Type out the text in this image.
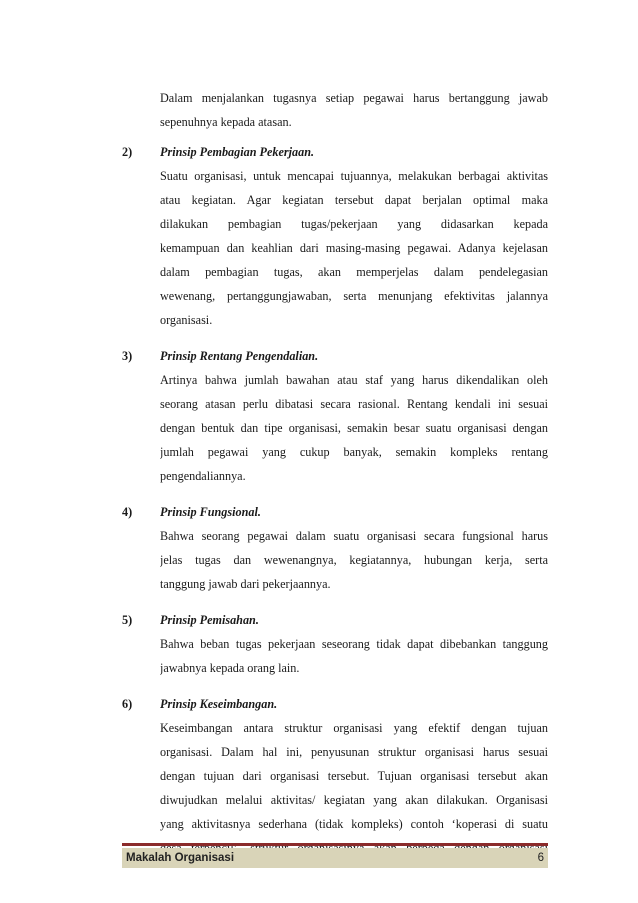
Dalam menjalankan tugasnya setiap pegawai harus bertanggung jawab
sepenuhnya kepada atasan.
2)	Prinsip Pembagian Pekerjaan.
Suatu organisasi, untuk mencapai tujuannya, melakukan berbagai aktivitas
atau kegiatan. Agar kegiatan tersebut dapat berjalan optimal maka
dilakukan pembagian tugas/pekerjaan yang didasarkan kepada
kemampuan dan keahlian dari masing-masing pegawai. Adanya kejelasan
dalam pembagian tugas, akan memperjelas dalam pendelegasian
wewenang, pertanggungjawaban, serta menunjang efektivitas jalannya
organisasi.
3)	Prinsip Rentang Pengendalian.
Artinya bahwa jumlah bawahan atau staf yang harus dikendalikan oleh
seorang atasan perlu dibatasi secara rasional. Rentang kendali ini sesuai
dengan bentuk dan tipe organisasi, semakin besar suatu organisasi dengan
jumlah pegawai yang cukup banyak, semakin kompleks rentang
pengendaliannya.
4)	Prinsip Fungsional.
Bahwa seorang pegawai dalam suatu organisasi secara fungsional harus
jelas tugas dan wewenangnya, kegiatannya, hubungan kerja, serta
tanggung jawab dari pekerjaannya.
5)	Prinsip Pemisahan.
Bahwa beban tugas pekerjaan seseorang tidak dapat dibebankan tanggung
jawabnya kepada orang lain.
6)	Prinsip Keseimbangan.
Keseimbangan antara struktur organisasi yang efektif dengan tujuan
organisasi. Dalam hal ini, penyusunan struktur organisasi harus sesuai
dengan tujuan dari organisasi tersebut. Tujuan organisasi tersebut akan
diwujudkan melalui aktivitas/ kegiatan yang akan dilakukan. Organisasi
yang aktivitasnya sederhana (tidak kompleks) contoh ‘koperasi di suatu
Makalah Organisasi	6
